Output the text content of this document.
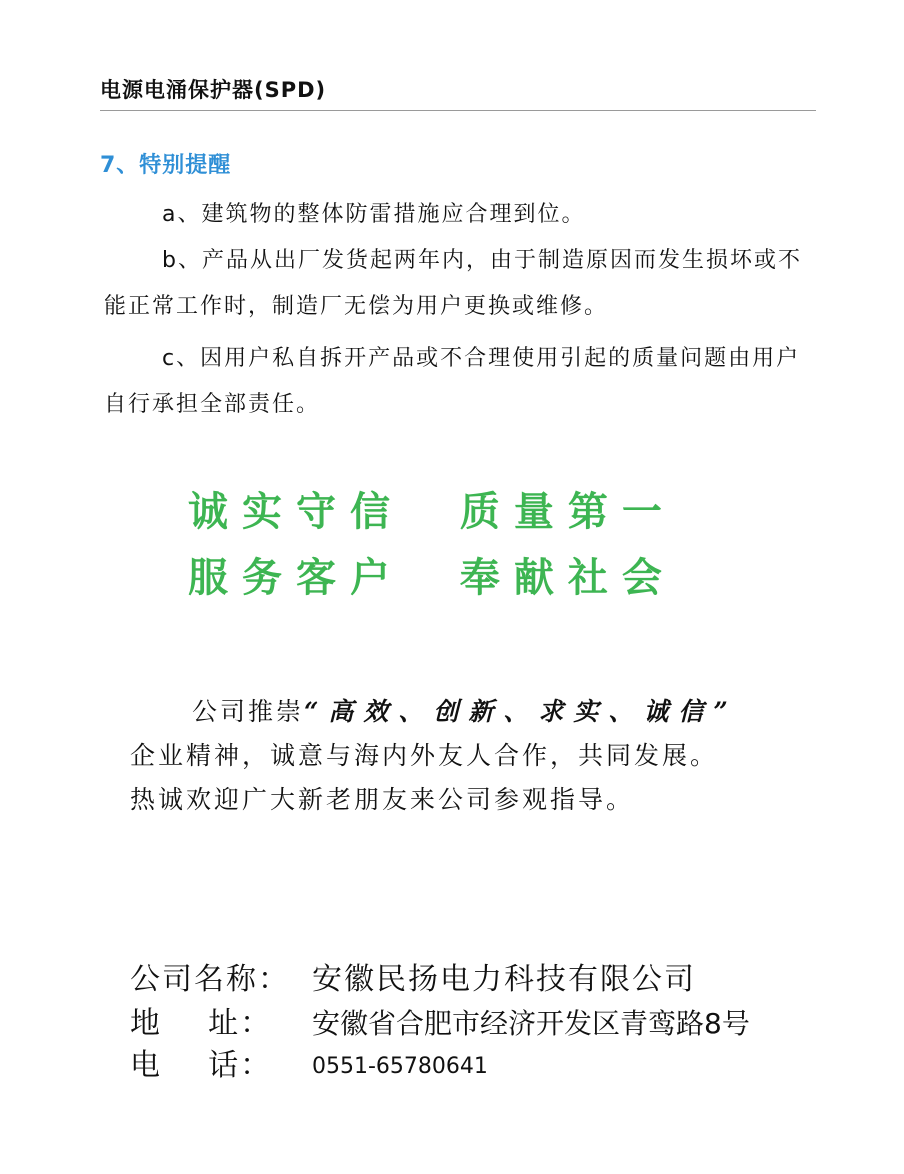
电源电涌保护器(SPD)
7、特别提醒
a、建筑物的整体防雷措施应合理到位。
b、产品从出厂发货起两年内，由于制造原因而发生损坏或不能正常工作时，制造厂无偿为用户更换或维修。
c、因用户私自拆开产品或不合理使用引起的质量问题由用户自行承担全部责任。
诚实守信  质量第一
服务客户  奉献社会
公司推崇“高效、创新、求实、诚信”
企业精神，诚意与海内外友人合作，共同发展。
热诚欢迎广大新老朋友来公司参观指导。
公司名称： 安徽民扬电力科技有限公司
地    址： 安徽省合肥市经济开发区青鸾路8号
电    话： 0551-65780641
